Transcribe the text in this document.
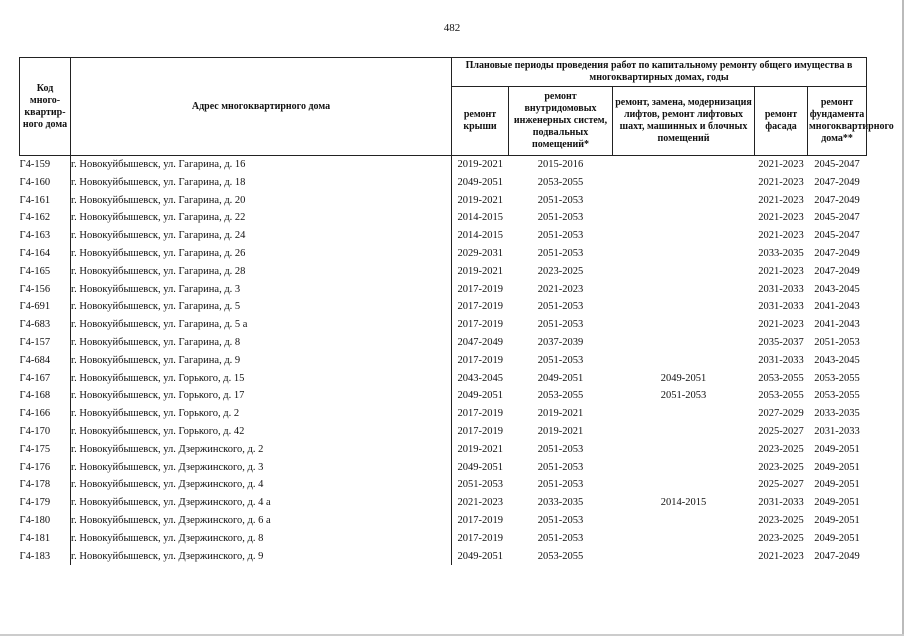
482
Код много-квартир-ного дома	Адрес многоквартирного дома	Плановые периоды проведения работ по капитальному ремонту общего имущества в многоквартирных домах, годы				
		ремонт крыши	ремонт внутридомовых инженерных систем, подвальных помещений*	ремонт, замена, модернизация лифтов, ремонт лифтовых шахт, машинных и блочных помещений	ремонт фасада	ремонт фундамента многоквартирного дома**
Г4-159	г. Новокуйбышевск, ул. Гагарина, д. 16	2019-2021	2015-2016		2021-2023	2045-2047
Г4-160	г. Новокуйбышевск, ул. Гагарина, д. 18	2049-2051	2053-2055		2021-2023	2047-2049
Г4-161	г. Новокуйбышевск, ул. Гагарина, д. 20	2019-2021	2051-2053		2021-2023	2047-2049
Г4-162	г. Новокуйбышевск, ул. Гагарина, д. 22	2014-2015	2051-2053		2021-2023	2045-2047
Г4-163	г. Новокуйбышевск, ул. Гагарина, д. 24	2014-2015	2051-2053		2021-2023	2045-2047
Г4-164	г. Новокуйбышевск, ул. Гагарина, д. 26	2029-2031	2051-2053		2033-2035	2047-2049
Г4-165	г. Новокуйбышевск, ул. Гагарина, д. 28	2019-2021	2023-2025		2021-2023	2047-2049
Г4-156	г. Новокуйбышевск, ул. Гагарина, д. 3	2017-2019	2021-2023		2031-2033	2043-2045
Г4-691	г. Новокуйбышевск, ул. Гагарина, д. 5	2017-2019	2051-2053		2031-2033	2041-2043
Г4-683	г. Новокуйбышевск, ул. Гагарина, д. 5 а	2017-2019	2051-2053		2021-2023	2041-2043
Г4-157	г. Новокуйбышевск, ул. Гагарина, д. 8	2047-2049	2037-2039		2035-2037	2051-2053
Г4-684	г. Новокуйбышевск, ул. Гагарина, д. 9	2017-2019	2051-2053		2031-2033	2043-2045
Г4-167	г. Новокуйбышевск, ул. Горького, д. 15	2043-2045	2049-2051	2049-2051	2053-2055	2053-2055
Г4-168	г. Новокуйбышевск, ул. Горького, д. 17	2049-2051	2053-2055	2051-2053	2053-2055	2053-2055
Г4-166	г. Новокуйбышевск, ул. Горького, д. 2	2017-2019	2019-2021		2027-2029	2033-2035
Г4-170	г. Новокуйбышевск, ул. Горького, д. 42	2017-2019	2019-2021		2025-2027	2031-2033
Г4-175	г. Новокуйбышевск, ул. Дзержинского, д. 2	2019-2021	2051-2053		2023-2025	2049-2051
Г4-176	г. Новокуйбышевск, ул. Дзержинского, д. 3	2049-2051	2051-2053		2023-2025	2049-2051
Г4-178	г. Новокуйбышевск, ул. Дзержинского, д. 4	2051-2053	2051-2053		2025-2027	2049-2051
Г4-179	г. Новокуйбышевск, ул. Дзержинского, д. 4 а	2021-2023	2033-2035	2014-2015	2031-2033	2049-2051
Г4-180	г. Новокуйбышевск, ул. Дзержинского, д. 6 а	2017-2019	2051-2053		2023-2025	2049-2051
Г4-181	г. Новокуйбышевск, ул. Дзержинского, д. 8	2017-2019	2051-2053		2023-2025	2049-2051
Г4-183	г. Новокуйбышевск, ул. Дзержинского, д. 9	2049-2051	2053-2055		2021-2023	2047-2049
